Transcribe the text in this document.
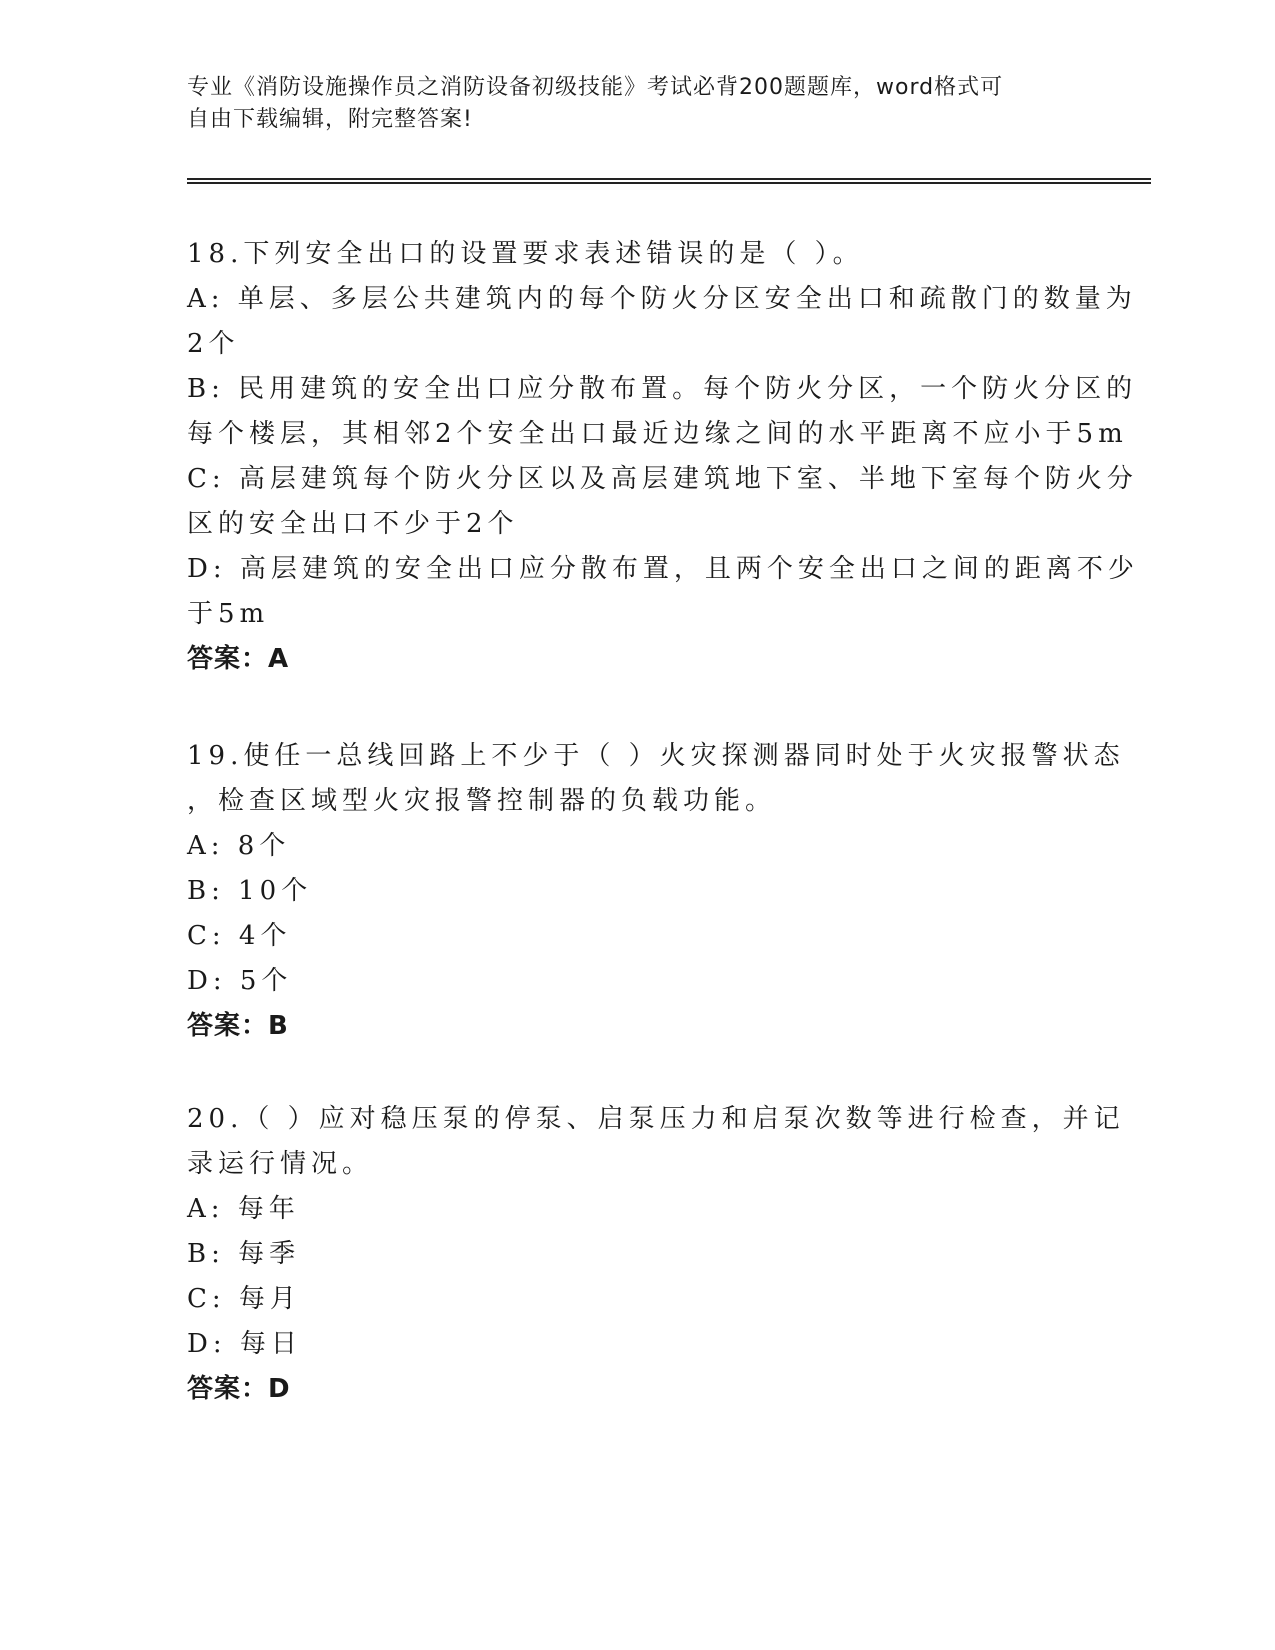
专业《消防设施操作员之消防设备初级技能》考试必背200题题库，word格式可
自由下载编辑，附完整答案!
18.下列安全出口的设置要求表述错误的是（ ）。
A: 单层、多层公共建筑内的每个防火分区安全出口和疏散门的数量为
2个
B: 民用建筑的安全出口应分散布置。每个防火分区，一个防火分区的
每个楼层，其相邻2个安全出口最近边缘之间的水平距离不应小于5m
C: 高层建筑每个防火分区以及高层建筑地下室、半地下室每个防火分
区的安全出口不少于2个
D: 高层建筑的安全出口应分散布置，且两个安全出口之间的距离不少
于5m
答案：A
19.使任一总线回路上不少于（ ）火灾探测器同时处于火灾报警状态
，检查区域型火灾报警控制器的负载功能。
A: 8个
B: 10个
C: 4个
D: 5个
答案：B
20.（ ）应对稳压泵的停泵、启泵压力和启泵次数等进行检查，并记
录运行情况。
A: 每年
B: 每季
C: 每月
D: 每日
答案：D
